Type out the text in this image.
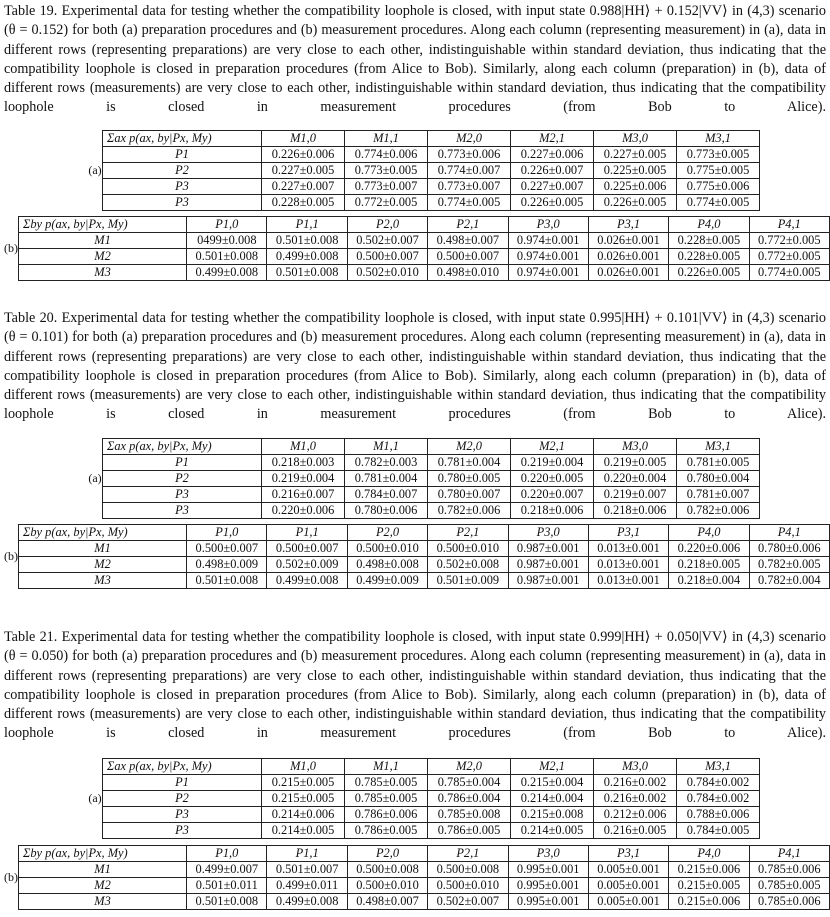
Table 19. Experimental data for testing whether the compatibility loophole is closed, with input state 0.988|HH⟩ + 0.152|VV⟩ in (4,3) scenario (θ = 0.152) for both (a) preparation procedures and (b) measurement procedures. Along each column (representing measurement) in (a), data in different rows (representing preparations) are very close to each other, indistinguishable within standard deviation, thus indicating that the compatibility loophole is closed in preparation procedures (from Alice to Bob). Similarly, along each column (preparation) in (b), data of different rows (measurements) are very close to each other, indistinguishable within standard deviation, thus indicating that the compatibility loophole is closed in measurement procedures (from Bob to Alice).

(a)	Σax p(ax, by|Px, My)	M1,0	M1,1	M2,0	M2,1	M3,0	M3,1
	P1	0.226±0.006	0.774±0.006	0.773±0.006	0.227±0.006	0.227±0.005	0.773±0.005
	P2	0.227±0.005	0.773±0.005	0.774±0.007	0.226±0.007	0.225±0.005	0.775±0.005
	P3	0.227±0.007	0.773±0.007	0.773±0.007	0.227±0.007	0.225±0.006	0.775±0.006
	P3	0.228±0.005	0.772±0.005	0.774±0.005	0.226±0.005	0.226±0.005	0.774±0.005
(b)	Σby p(ax, by|Px, My)	P1,0	P1,1	P2,0	P2,1	P3,0	P3,1	P4,0	P4,1
	M1	0499±0.008	0.501±0.008	0.502±0.007	0.498±0.007	0.974±0.001	0.026±0.001	0.228±0.005	0.772±0.005
	M2	0.501±0.008	0.499±0.008	0.500±0.007	0.500±0.007	0.974±0.001	0.026±0.001	0.228±0.005	0.772±0.005
	M3	0.499±0.008	0.501±0.008	0.502±0.010	0.498±0.010	0.974±0.001	0.026±0.001	0.226±0.005	0.774±0.005

Table 20. Experimental data for testing whether the compatibility loophole is closed, with input state 0.995|HH⟩ + 0.101|VV⟩ in (4,3) scenario (θ = 0.101) for both (a) preparation procedures and (b) measurement procedures. Along each column (representing measurement) in (a), data in different rows (representing preparations) are very close to each other, indistinguishable within standard deviation, thus indicating that the compatibility loophole is closed in preparation procedures (from Alice to Bob). Similarly, along each column (preparation) in (b), data of different rows (measurements) are very close to each other, indistinguishable within standard deviation, thus indicating that the compatibility loophole is closed in measurement procedures (from Bob to Alice).

(a)	Σax p(ax, by|Px, My)	M1,0	M1,1	M2,0	M2,1	M3,0	M3,1
	P1	0.218±0.003	0.782±0.003	0.781±0.004	0.219±0.004	0.219±0.005	0.781±0.005
	P2	0.219±0.004	0.781±0.004	0.780±0.005	0.220±0.005	0.220±0.004	0.780±0.004
	P3	0.216±0.007	0.784±0.007	0.780±0.007	0.220±0.007	0.219±0.007	0.781±0.007
	P3	0.220±0.006	0.780±0.006	0.782±0.006	0.218±0.006	0.218±0.006	0.782±0.006
(b)	Σby p(ax, by|Px, My)	P1,0	P1,1	P2,0	P2,1	P3,0	P3,1	P4,0	P4,1
	M1	0.500±0.007	0.500±0.007	0.500±0.010	0.500±0.010	0.987±0.001	0.013±0.001	0.220±0.006	0.780±0.006
	M2	0.498±0.009	0.502±0.009	0.498±0.008	0.502±0.008	0.987±0.001	0.013±0.001	0.218±0.005	0.782±0.005
	M3	0.501±0.008	0.499±0.008	0.499±0.009	0.501±0.009	0.987±0.001	0.013±0.001	0.218±0.004	0.782±0.004

Table 21. Experimental data for testing whether the compatibility loophole is closed, with input state 0.999|HH⟩ + 0.050|VV⟩ in (4,3) scenario (θ = 0.050) for both (a) preparation procedures and (b) measurement procedures. Along each column (representing measurement) in (a), data in different rows (representing preparations) are very close to each other, indistinguishable within standard deviation, thus indicating that the compatibility loophole is closed in preparation procedures (from Alice to Bob). Similarly, along each column (preparation) in (b), data of different rows (measurements) are very close to each other, indistinguishable within standard deviation, thus indicating that the compatibility loophole is closed in measurement procedures (from Bob to Alice).

(a)	Σax p(ax, by|Px, My)	M1,0	M1,1	M2,0	M2,1	M3,0	M3,1
	P1	0.215±0.005	0.785±0.005	0.785±0.004	0.215±0.004	0.216±0.002	0.784±0.002
	P2	0.215±0.005	0.785±0.005	0.786±0.004	0.214±0.004	0.216±0.002	0.784±0.002
	P3	0.214±0.006	0.786±0.006	0.785±0.008	0.215±0.008	0.212±0.006	0.788±0.006
	P3	0.214±0.005	0.786±0.005	0.786±0.005	0.214±0.005	0.216±0.005	0.784±0.005
(b)	Σby p(ax, by|Px, My)	P1,0	P1,1	P2,0	P2,1	P3,0	P3,1	P4,0	P4,1
	M1	0.499±0.007	0.501±0.007	0.500±0.008	0.500±0.008	0.995±0.001	0.005±0.001	0.215±0.006	0.785±0.006
	M2	0.501±0.011	0.499±0.011	0.500±0.010	0.500±0.010	0.995±0.001	0.005±0.001	0.215±0.005	0.785±0.005
	M3	0.501±0.008	0.499±0.008	0.498±0.007	0.502±0.007	0.995±0.001	0.005±0.001	0.215±0.006	0.785±0.006
